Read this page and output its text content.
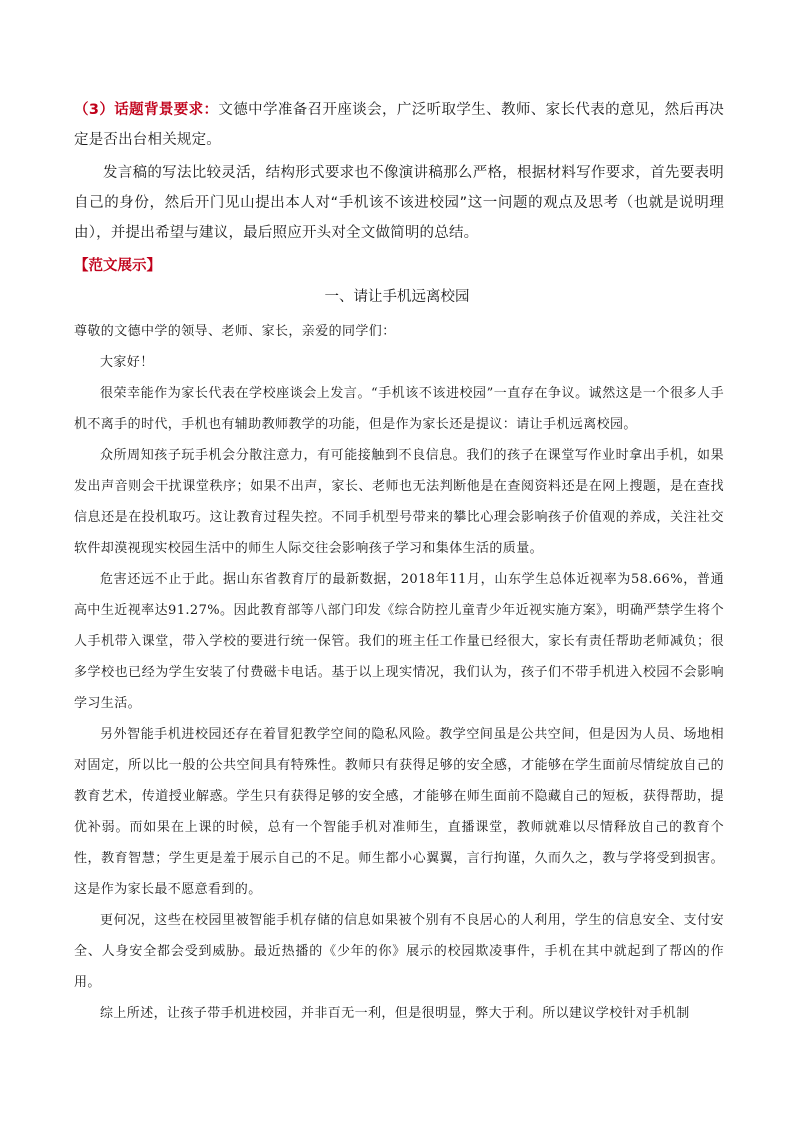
（3）话题背景要求：文德中学准备召开座谈会，广泛听取学生、教师、家长代表的意见，然后再决定是否出台相关规定。

发言稿的写法比较灵活，结构形式要求也不像演讲稿那么严格，根据材料写作要求，首先要表明自己的身份，然后开门见山提出本人对“手机该不该进校园”这一问题的观点及思考（也就是说明理由），并提出希望与建议，最后照应开头对全文做简明的总结。

【范文展示】
一、请让手机远离校园

尊敬的文德中学的领导、老师、家长，亲爱的同学们：

大家好！

很荣幸能作为家长代表在学校座谈会上发言。“手机该不该进校园”一直存在争议。诚然这是一个很多人手机不离手的时代，手机也有辅助教师教学的功能，但是作为家长还是提议：请让手机远离校园。

众所周知孩子玩手机会分散注意力，有可能接触到不良信息。我们的孩子在课堂写作业时拿出手机，如果发出声音则会干扰课堂秩序；如果不出声，家长、老师也无法判断他是在查阅资料还是在网上搜题，是在查找信息还是在投机取巧。这让教育过程失控。不同手机型号带来的攀比心理会影响孩子价值观的养成，关注社交软件却漠视现实校园生活中的师生人际交往会影响孩子学习和集体生活的质量。

危害还远不止于此。据山东省教育厅的最新数据，2018年11月，山东学生总体近视率为58.66%，普通高中生近视率达91.27%。因此教育部等八部门印发《综合防控儿童青少年近视实施方案》，明确严禁学生将个人手机带入课堂，带入学校的要进行统一保管。我们的班主任工作量已经很大，家长有责任帮助老师减负；很多学校也已经为学生安装了付费磁卡电话。基于以上现实情况，我们认为，孩子们不带手机进入校园不会影响学习生活。

另外智能手机进校园还存在着冒犯教学空间的隐私风险。教学空间虽是公共空间，但是因为人员、场地相对固定，所以比一般的公共空间具有特殊性。教师只有获得足够的安全感，才能够在学生面前尽情绽放自己的教育艺术，传道授业解惑。学生只有获得足够的安全感，才能够在师生面前不隐藏自己的短板，获得帮助，提优补弱。而如果在上课的时候，总有一个智能手机对准师生，直播课堂，教师就难以尽情释放自己的教育个性，教育智慧；学生更是羞于展示自己的不足。师生都小心翼翼，言行拘谨，久而久之，教与学将受到损害。这是作为家长最不愿意看到的。

更何况，这些在校园里被智能手机存储的信息如果被个别有不良居心的人利用，学生的信息安全、支付安全、人身安全都会受到威胁。最近热播的《少年的你》展示的校园欺凌事件，手机在其中就起到了帮凶的作用。

综上所述，让孩子带手机进校园，并非百无一利，但是很明显，弊大于利。所以建议学校针对手机制
